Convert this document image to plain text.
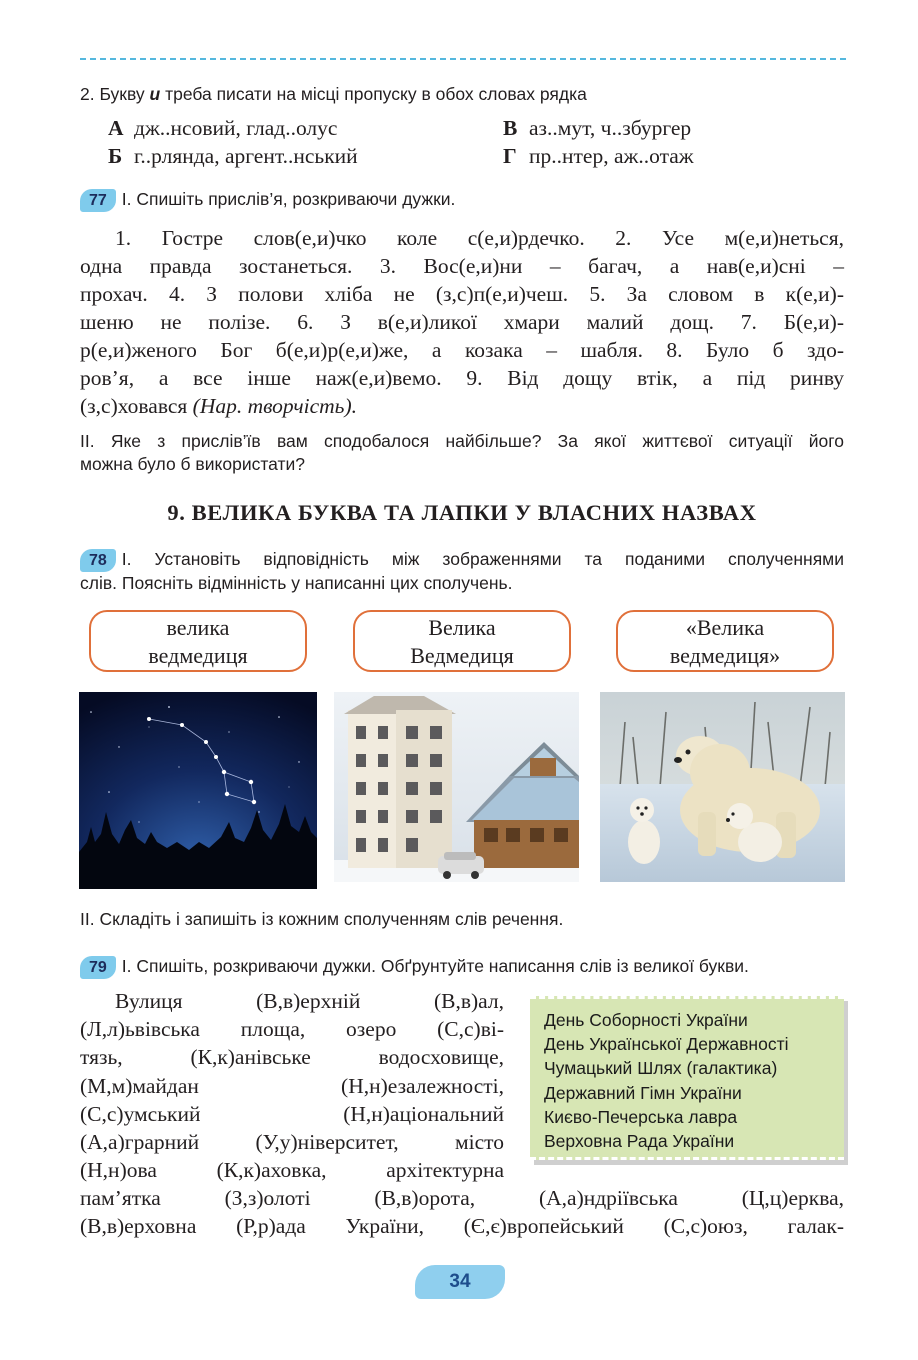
2. Букву и треба писати на місці пропуску в обох словах рядка
А дж..нсовий, глад..олус
Б г..рлянда, аргент..нський
В аз..мут, ч..збургер
Г пр..нтер, аж..отаж
77 І. Спишіть прислів’я, розкриваючи дужки.
1. Гостре слов(е,и)чко коле с(е,и)рдечко. 2. Усе м(е,и)неться,
одна правда зостанеться. 3. Вос(е,и)ни – багач, а нав(е,и)сні –
прохач. 4. З полови хліба не (з,с)п(е,и)чеш. 5. За словом в к(е,и)-
шеню не полізе. 6. З в(е,и)ликої хмари малий дощ. 7. Б(е,и)-
р(е,и)женого Бог б(е,и)р(е,и)же, а козака – шабля. 8. Було б здо-
ров’я, а все інше наж(е,и)вемо. 9. Від дощу втік, а під ринву
(з,с)ховався (Нар. творчість).
ІІ. Яке з прислів’їв вам сподобалося найбільше? За якої життєвої ситуації його
можна було б використати?
9. ВЕЛИКА БУКВА ТА ЛАПКИ У ВЛАСНИХ НАЗВАХ
78 І. Установіть відповідність між зображеннями та поданими сполученнями
слів. Поясніть відмінність у написанні цих сполучень.
велика
ведмедиця
Велика
Ведмедиця
«Велика
ведмедиця»
ІІ. Складіть і запишіть із кожним сполученням слів речення.
79 І. Спишіть, розкриваючи дужки. Обґрунтуйте написання слів із великої букви.
Вулиця (В,в)ерхній (В,в)ал,
(Л,л)ьвівська площа, озеро (С,с)ві-
тязь, (К,к)анівське водосховище,
(М,м)майдан (Н,н)езалежності,
(С,с)умський (Н,н)аціональний
(А,а)грарний (У,у)ніверситет, місто
(Н,н)ова (К,к)аховка, архітектурна
пам’ятка (З,з)олоті (В,в)орота, (А,а)ндріївська (Ц,ц)ерква,
(В,в)ерховна (Р,р)ада України, (Є,є)вропейський (С,с)оюз, галак-
День Соборності України
День Української Державності
Чумацький Шлях (галактика)
Державний Гімн України
Києво-Печерська лавра
Верховна Рада України
34
